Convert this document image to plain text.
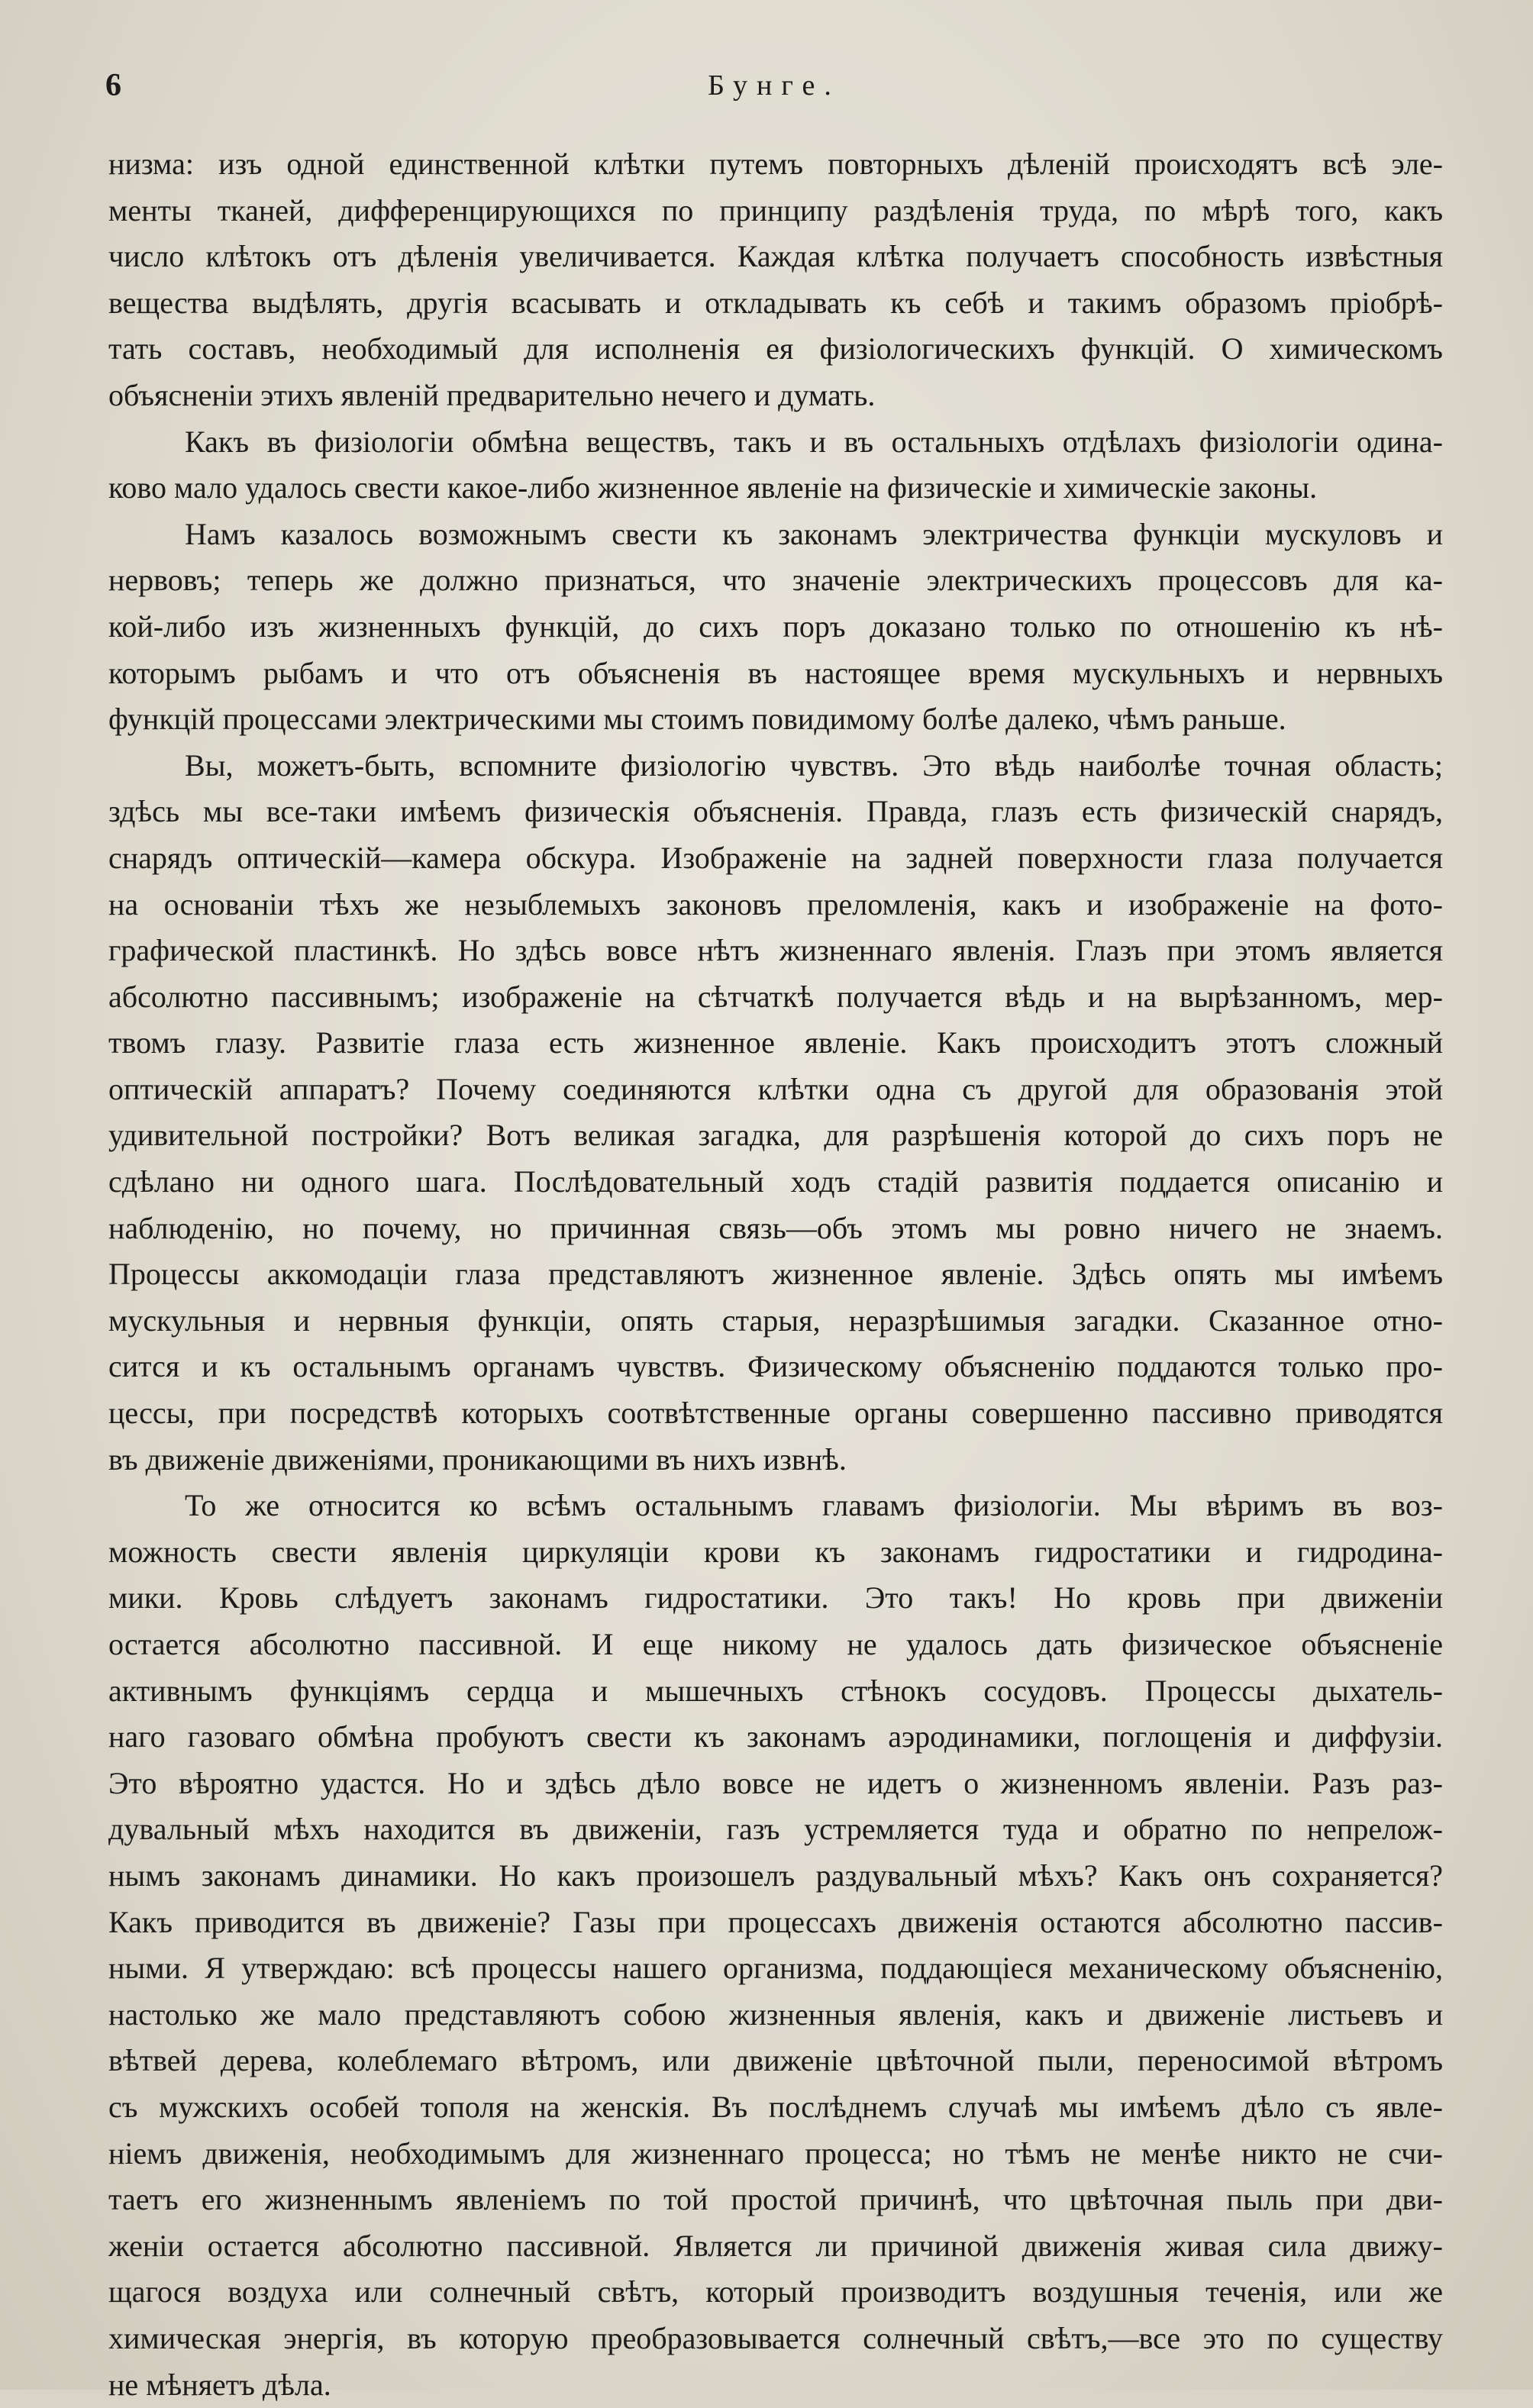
6	Бунге.
низма: изъ одной единственной клѣтки путемъ повторныхъ дѣленій происходятъ всѣ эле-
менты тканей, дифференцирующихся по принципу раздѣленія труда, по мѣрѣ того, какъ
число клѣтокъ отъ дѣленія увеличивается. Каждая клѣтка получаетъ способность извѣстныя
вещества выдѣлять, другія всасывать и откладывать къ себѣ и такимъ образомъ пріобрѣ-
тать составъ, необходимый для исполненія ея физіологическихъ функцій. О химическомъ
объясненіи этихъ явленій предварительно нечего и думать.
Какъ въ физіологіи обмѣна веществъ, такъ и въ остальныхъ отдѣлахъ физіологіи одина-
ково мало удалось свести какое-либо жизненное явленіе на физическіе и химическіе законы.
Намъ казалось возможнымъ свести къ законамъ электричества функціи мускуловъ и
нервовъ; теперь же должно признаться, что значеніе электрическихъ процессовъ для ка-
кой-либо изъ жизненныхъ функцій, до сихъ поръ доказано только по отношенію къ нѣ-
которымъ рыбамъ и что отъ объясненія въ настоящее время мускульныхъ и нервныхъ
функцій процессами электрическими мы стоимъ повидимому болѣе далеко, чѣмъ раньше.
Вы, можетъ-быть, вспомните физіологію чувствъ. Это вѣдь наиболѣе точная область;
здѣсь мы все-таки имѣемъ физическія объясненія. Правда, глазъ есть физическій снарядъ,
снарядъ оптическій—камера обскура. Изображеніе на задней поверхности глаза получается
на основаніи тѣхъ же незыблемыхъ законовъ преломленія, какъ и изображеніе на фото-
графической пластинкѣ. Но здѣсь вовсе нѣтъ жизненнаго явленія. Глазъ при этомъ является
абсолютно пассивнымъ; изображеніе на сѣтчаткѣ получается вѣдь и на вырѣзанномъ, мер-
твомъ глазу. Развитіе глаза есть жизненное явленіе. Какъ происходитъ этотъ сложный
оптическій аппаратъ? Почему соединяются клѣтки одна съ другой для образованія этой
удивительной постройки? Вотъ великая загадка, для разрѣшенія которой до сихъ поръ не
сдѣлано ни одного шага. Послѣдовательный ходъ стадій развитія поддается описанію и
наблюденію, но почему, но причинная связь—объ этомъ мы ровно ничего не знаемъ.
Процессы аккомодаціи глаза представляютъ жизненное явленіе. Здѣсь опять мы имѣемъ
мускульныя и нервныя функціи, опять старыя, неразрѣшимыя загадки. Сказанное отно-
сится и къ остальнымъ органамъ чувствъ. Физическому объясненію поддаются только про-
цессы, при посредствѣ которыхъ соотвѣтственные органы совершенно пассивно приводятся
въ движеніе движеніями, проникающими въ нихъ извнѣ.
То же относится ко всѣмъ остальнымъ главамъ физіологіи. Мы вѣримъ въ воз-
можность свести явленія циркуляціи крови къ законамъ гидростатики и гидродина-
мики. Кровь слѣдуетъ законамъ гидростатики. Это такъ! Но кровь при движеніи
остается абсолютно пассивной. И еще никому не удалось дать физическое объясненіе
активнымъ функціямъ сердца и мышечныхъ стѣнокъ сосудовъ. Процессы дыхатель-
наго газоваго обмѣна пробуютъ свести къ законамъ аэродинамики, поглощенія и диффузіи.
Это вѣроятно удастся. Но и здѣсь дѣло вовсе не идетъ о жизненномъ явленіи. Разъ раз-
дувальный мѣхъ находится въ движеніи, газъ устремляется туда и обратно по непрелож-
нымъ законамъ динамики. Но какъ произошелъ раздувальный мѣхъ? Какъ онъ сохраняется?
Какъ приводится въ движеніе? Газы при процессахъ движенія остаются абсолютно пассив-
ными. Я утверждаю: всѣ процессы нашего организма, поддающіеся механическому объясненію,
настолько же мало представляютъ собою жизненныя явленія, какъ и движеніе листьевъ и
вѣтвей дерева, колеблемаго вѣтромъ, или движеніе цвѣточной пыли, переносимой вѣтромъ
съ мужскихъ особей тополя на женскія. Въ послѣднемъ случаѣ мы имѣемъ дѣло съ явле-
ніемъ движенія, необходимымъ для жизненнаго процесса; но тѣмъ не менѣе никто не счи-
таетъ его жизненнымъ явленіемъ по той простой причинѣ, что цвѣточная пыль при дви-
женіи остается абсолютно пассивной. Является ли причиной движенія живая сила движу-
щагося воздуха или солнечный свѣтъ, который производитъ воздушныя теченія, или же
химическая энергія, въ которую преобразовывается солнечный свѣтъ,—все это по существу
не мѣняетъ дѣла.
